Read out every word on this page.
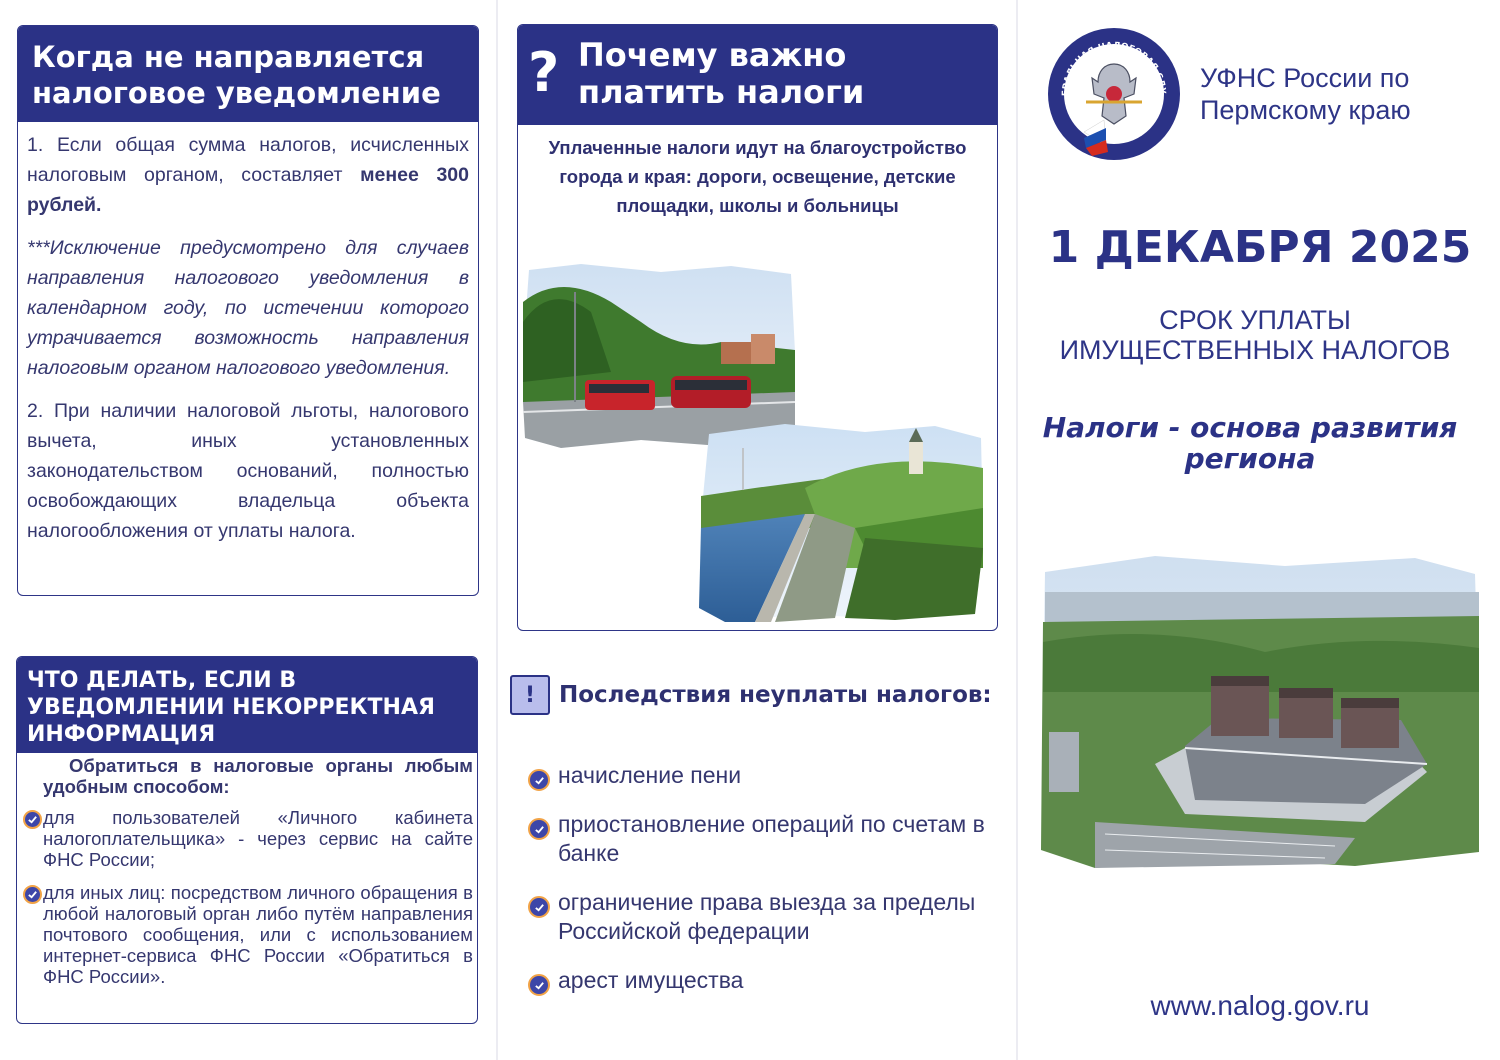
Когда не направляется налоговое уведомление

1. Если общая сумма налогов, исчисленных налоговым органом, составляет менее 300 рублей.

***Исключение предусмотрено для случаев направления налогового уведомления в календарном году, по истечении которого утрачивается возможность направления налоговым органом налогового уведомления.

2. При наличии налоговой льготы, налогового вычета, иных установленных законодательством оснований, полностью освобождающих владельца объекта налогообложения от уплаты налога.

ЧТО ДЕЛАТЬ, ЕСЛИ В УВЕДОМЛЕНИИ НЕКОРРЕКТНАЯ ИНФОРМАЦИЯ
Обратиться в налоговые органы любым удобным способом:
для пользователей «Личного кабинета налогоплательщика» - через сервис на сайте ФНС России;
для иных лиц: посредством личного обращения в любой налоговый орган либо путём направления почтового сообщения, или с использованием интернет-сервиса ФНС России «Обратиться в ФНС России».
? Почему важно платить налоги
Уплаченные налоги идут на благоустройство города и края: дороги, освещение, детские площадки, школы и больницы
!	Последствия неуплаты налогов:
начисление пени
приостановление операций по счетам в банке
ограничение права выезда за пределы Российской федерации
арест имущества
ЕРАЛЬНАЯ НАЛОГОВАЯ СЛУ УФНС России по Пермскому краю
1 ДЕКАБРЯ 2025
СРОК УПЛАТЫ ИМУЩЕСТВЕННЫХ НАЛОГОВ
Налоги - основа развития региона
www.nalog.gov.ru
